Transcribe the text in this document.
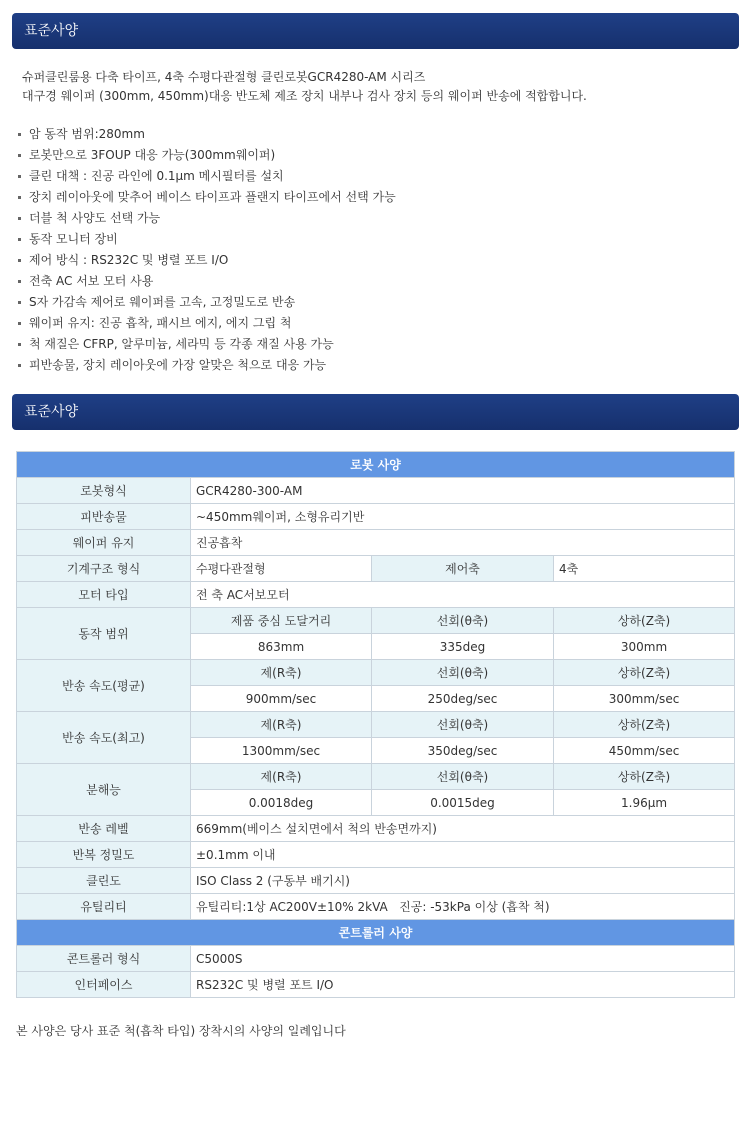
표준사양
슈퍼클린룸용 다축 타이프, 4축 수평다관절형 클린로봇GCR4280-AM 시리즈
대구경 웨이퍼 (300mm, 450mm)대응 반도체 제조 장치 내부나 검사 장치 등의 웨이퍼 반송에 적합합니다.
암 동작 범위:280mm
로봇만으로 3FOUP 대응 가능(300mm웨이퍼)
클린 대책 : 진공 라인에 0.1μm 메시필터를 설치
장치 레이아웃에 맞추어 베이스 타이프과 플랜지 타이프에서 선택 가능
더블 척 사양도 선택 가능
동작 모니터 장비
제어 방식 : RS232C 및 병렬 포트 I/O
전축 AC 서보 모터 사용
S자 가감속 제어로 웨이퍼를 고속, 고정밀도로 반송
웨이퍼 유지: 진공 흡착, 패시브 에지, 에지 그립 척
척 재질은 CFRP, 알루미늄, 세라믹 등 각종 재질 사용 가능
피반송물, 장치 레이아웃에 가장 알맞은 척으로 대응 가능
표준사양
로봇 사양			
로봇형식	GCR4280-300-AM		
피반송물	~450mm웨이퍼, 소형유리기반		
웨이퍼 유지	진공흡착		
기계구조 형식	수평다관절형	제어축	4축
모터 타입	전 축 AC서보모터		
동작 범위	제품 중심 도달거리	선회(θ축)	상하(Z축)
	863mm	335deg	300mm
반송 속도(평균)	제(R축)	선회(θ축)	상하(Z축)
	900mm/sec	250deg/sec	300mm/sec
반송 속도(최고)	제(R축)	선회(θ축)	상하(Z축)
	1300mm/sec	350deg/sec	450mm/sec
분해능	제(R축)	선회(θ축)	상하(Z축)
	0.0018deg	0.0015deg	1.96μm
반송 레벨	669mm(베이스 설치면에서 척의 반송면까지)		
반복 정밀도	±0.1mm 이내		
클린도	ISO Class 2 (구동부 배기시)		
유틸리티	유틸리티:1상 AC200V±10% 2kVA   진공: -53kPa 이상 (흡착 척)		
콘트롤러 사양			
콘트롤러 형식	C5000S		
인터페이스	RS232C 및 병렬 포트 I/O		
본 사양은 당사 표준 척(흡착 타입) 장착시의 사양의 일례입니다
